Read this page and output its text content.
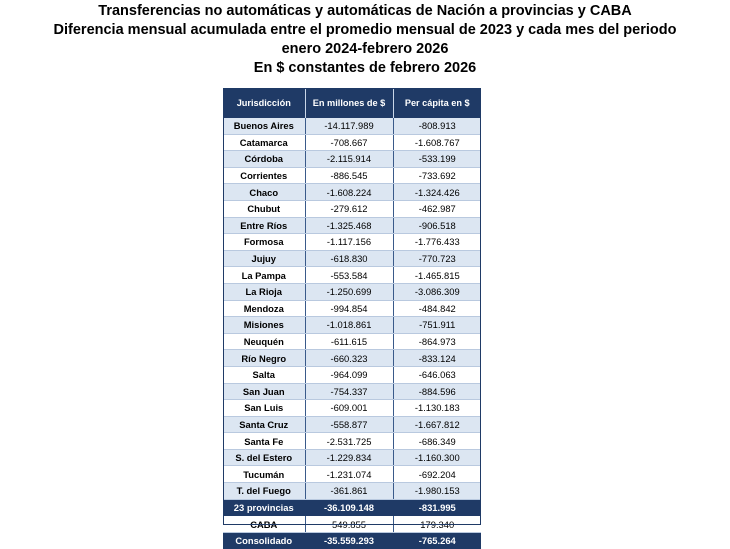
Transferencias no automáticas y automáticas de Nación a provincias y CABA
Diferencia mensual acumulada entre el promedio mensual de 2023 y cada mes del periodo
enero 2024-febrero 2026
En $ constantes de febrero 2026
Jurisdicción	En millones de $	Per cápita en $
Buenos Aires	-14.117.989	-808.913
Catamarca	-708.667	-1.608.767
Córdoba	-2.115.914	-533.199
Corrientes	-886.545	-733.692
Chaco	-1.608.224	-1.324.426
Chubut	-279.612	-462.987
Entre Ríos	-1.325.468	-906.518
Formosa	-1.117.156	-1.776.433
Jujuy	-618.830	-770.723
La Pampa	-553.584	-1.465.815
La Rioja	-1.250.699	-3.086.309
Mendoza	-994.854	-484.842
Misiones	-1.018.861	-751.911
Neuquén	-611.615	-864.973
Río Negro	-660.323	-833.124
Salta	-964.099	-646.063
San Juan	-754.337	-884.596
San Luis	-609.001	-1.130.183
Santa Cruz	-558.877	-1.667.812
Santa Fe	-2.531.725	-686.349
S. del Estero	-1.229.834	-1.160.300
Tucumán	-1.231.074	-692.204
T. del Fuego	-361.861	-1.980.153
23 provincias	-36.109.148	-831.995
CABA	549.855	179.340
Consolidado	-35.559.293	-765.264
